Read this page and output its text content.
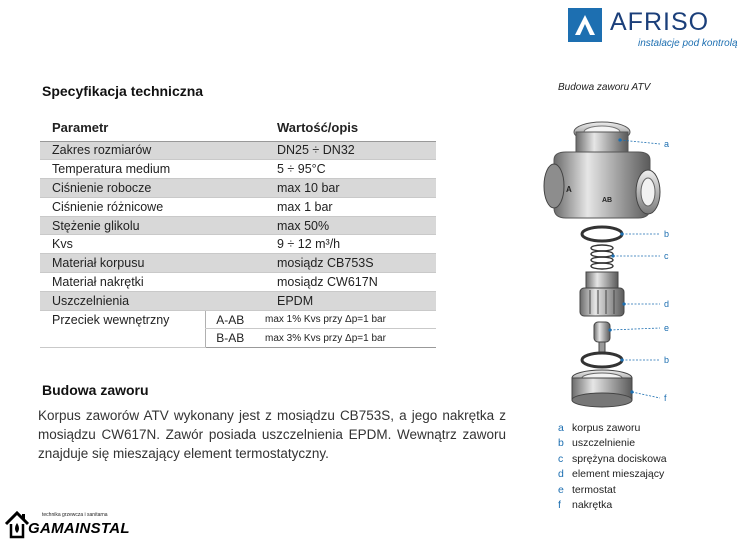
AFRISO
instalacje pod kontrolą
Specyfikacja techniczna
Parametr		Wartość/opis
Zakres rozmiarów		DN25 ÷ DN32
Temperatura medium		5 ÷ 95°C
Ciśnienie robocze		max 10 bar
Ciśnienie różnicowe		max 1 bar
Stężenie glikolu		max 50%
Kvs		9 ÷ 12 m³/h
Materiał korpusu		mosiądz CB753S
Materiał nakrętki		mosiądz CW617N
Uszczelnienia		EPDM
Przeciek wewnętrzny	A-AB	max 1% Kvs przy Δp=1 bar
	B-AB	max 3% Kvs przy Δp=1 bar
Budowa zaworu ATV
A
AB
a
b
c
d
e
b
f
a korpus zaworu
b uszczelnienie
c sprężyna dociskowa
d element mieszający
e termostat
f	nakrętka
Budowa zaworu

Korpus zaworów ATV wykonany jest z mosiądzu CB753S, a jego nakrętka z mosiądzu CW617N. Zawór posiada uszczelnienia EPDM. Wewnątrz zaworu znajduje się mieszający element termostatyczny.

technika grzewcza i sanitarna
GAMAINSTAL
